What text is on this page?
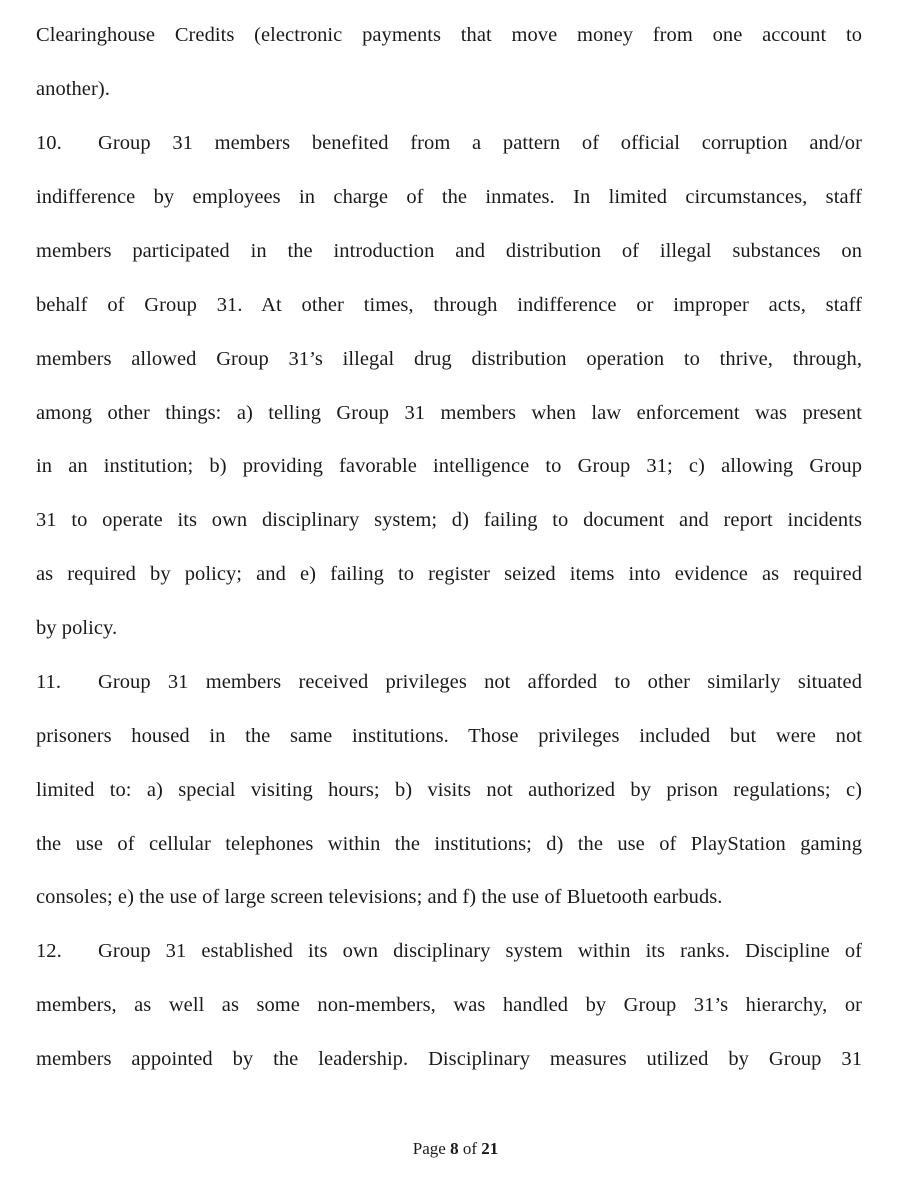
Clearinghouse Credits (electronic payments that move money from one account to
another).
10. Group 31 members benefited from a pattern of official corruption and/or
indifference by employees in charge of the inmates. In limited circumstances, staff
members participated in the introduction and distribution of illegal substances on
behalf of Group 31. At other times, through indifference or improper acts, staff
members allowed Group 31’s illegal drug distribution operation to thrive, through,
among other things: a) telling Group 31 members when law enforcement was present
in an institution; b) providing favorable intelligence to Group 31; c) allowing Group
31 to operate its own disciplinary system; d) failing to document and report incidents
as required by policy; and e) failing to register seized items into evidence as required
by policy.
11. Group 31 members received privileges not afforded to other similarly situated
prisoners housed in the same institutions. Those privileges included but were not
limited to: a) special visiting hours; b) visits not authorized by prison regulations; c)
the use of cellular telephones within the institutions; d) the use of PlayStation gaming
consoles; e) the use of large screen televisions; and f) the use of Bluetooth earbuds.
12. Group 31 established its own disciplinary system within its ranks. Discipline of
members, as well as some non-members, was handled by Group 31’s hierarchy, or
members appointed by the leadership. Disciplinary measures utilized by Group 31
Page 8 of 21
